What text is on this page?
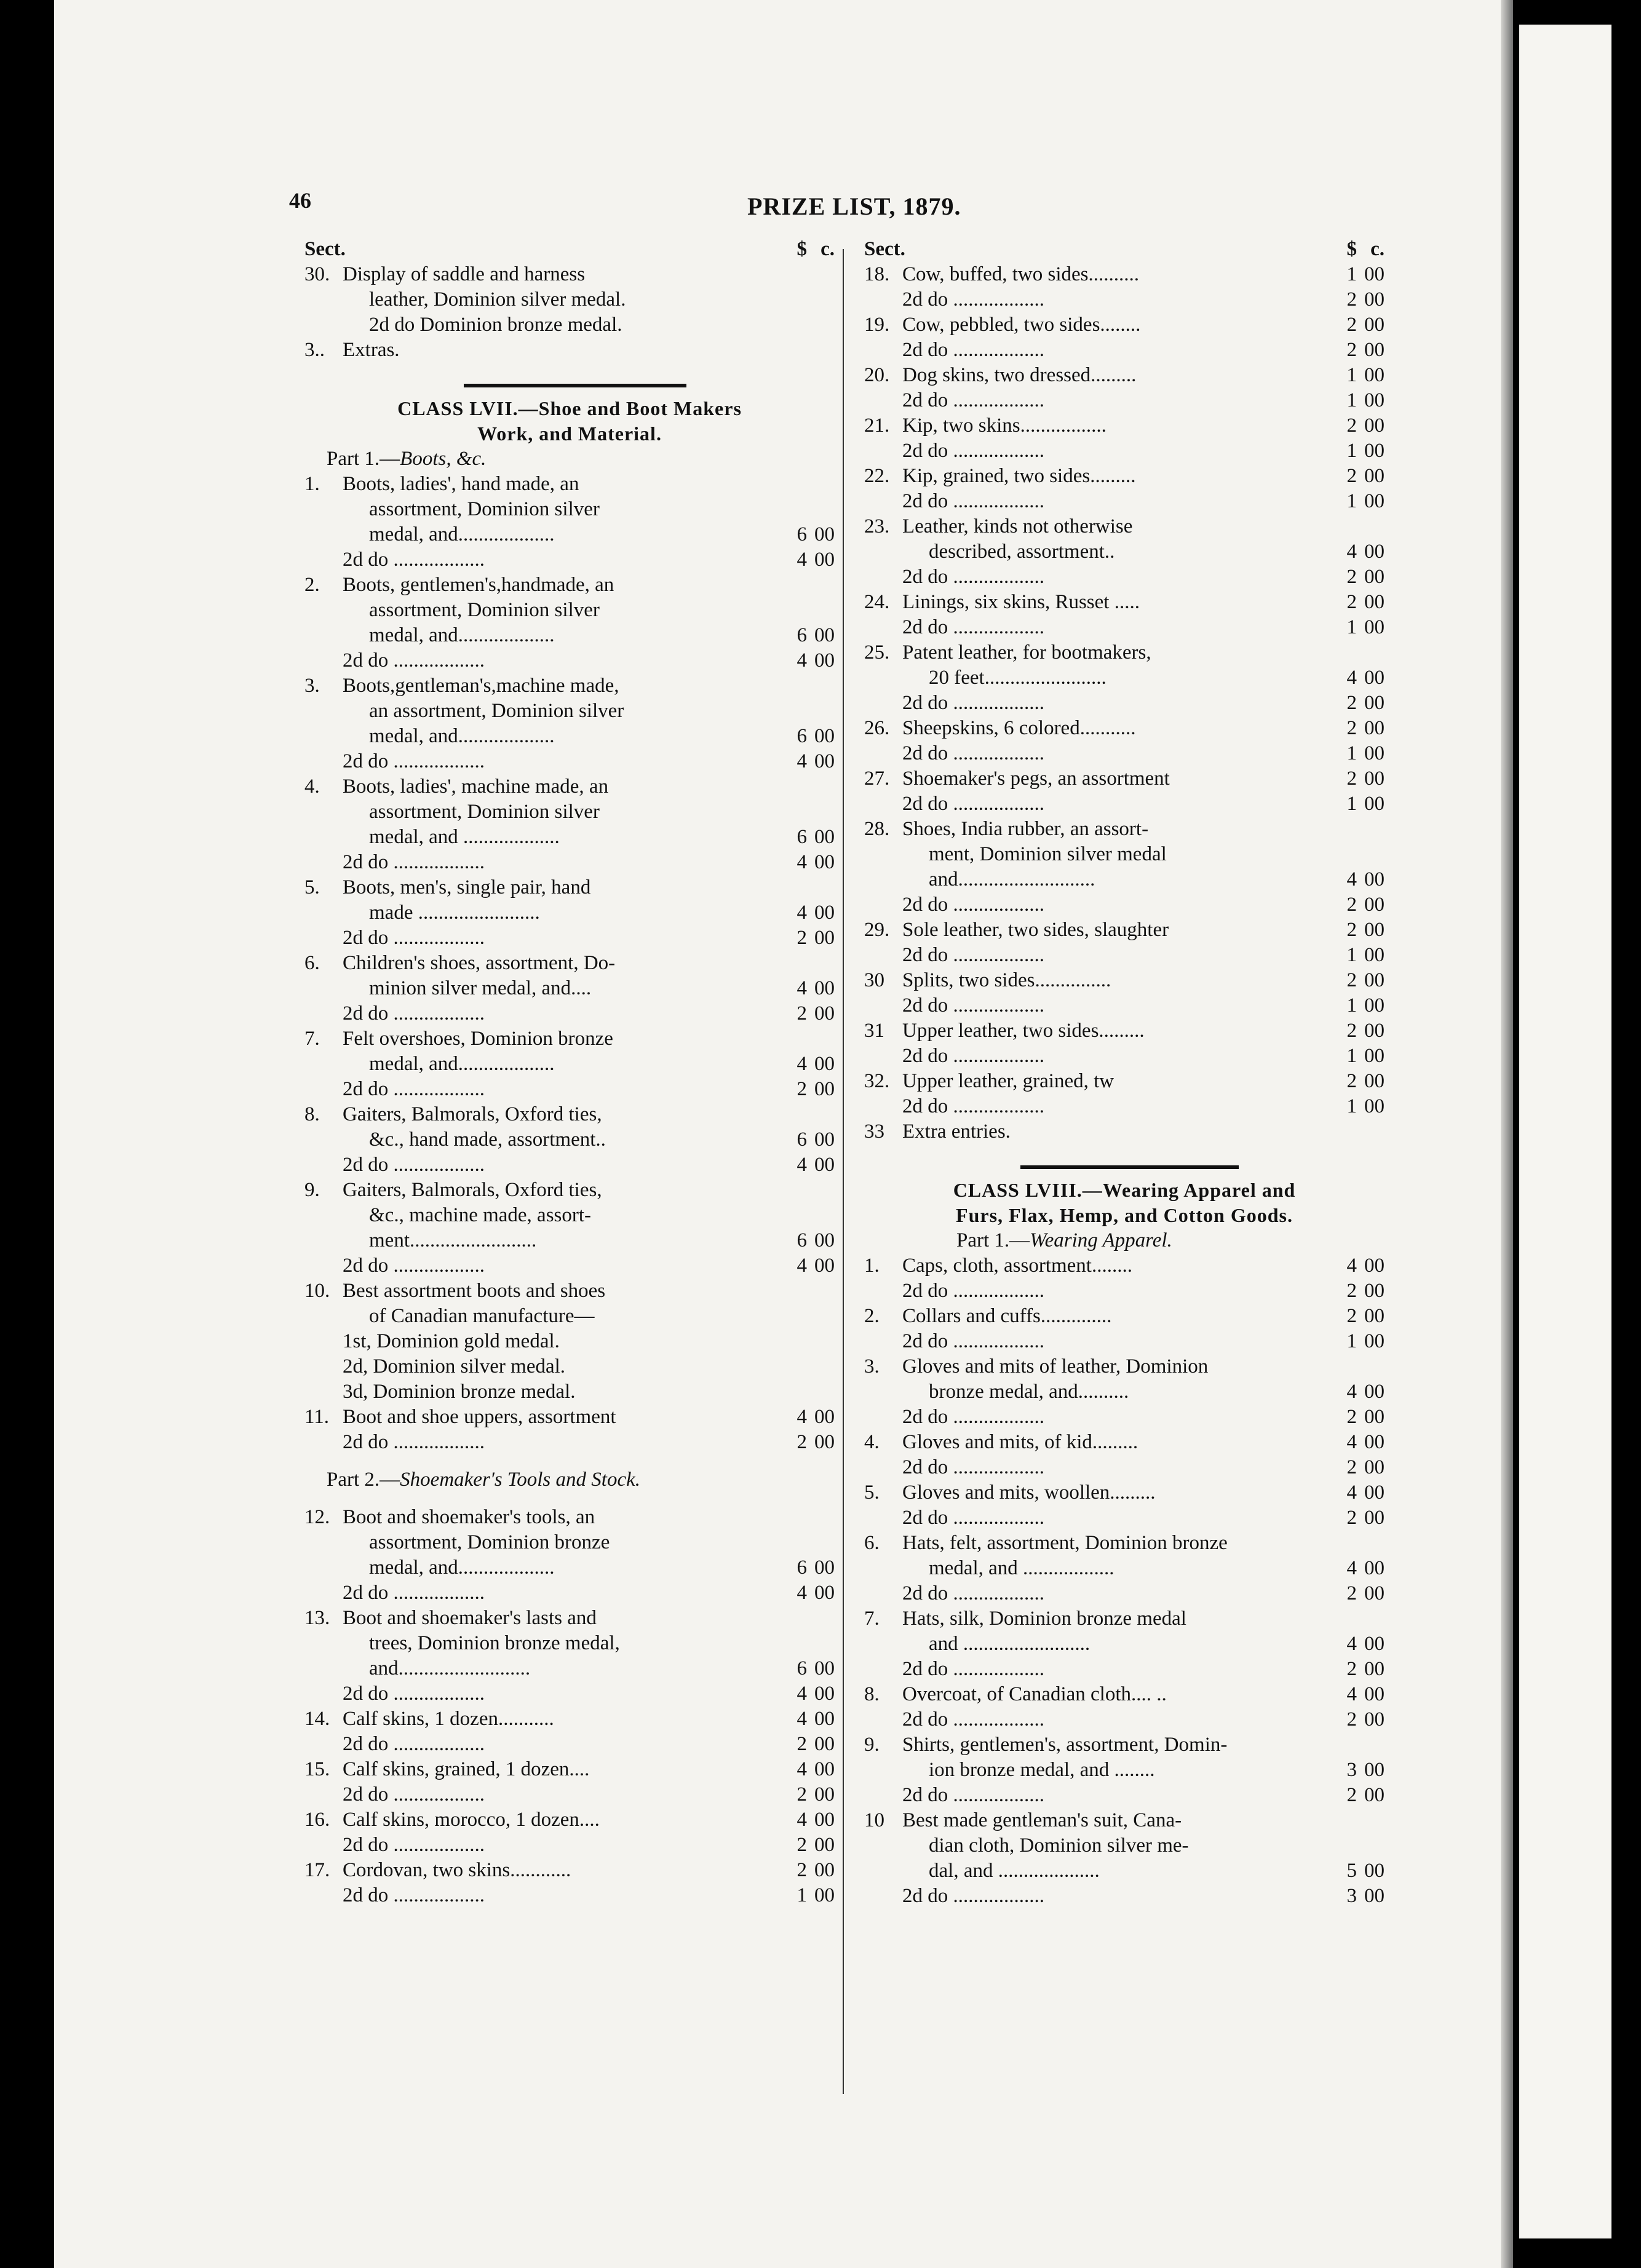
46	PRIZE LIST, 1879.
Sect.	$ c.
30. Display of saddle and harness
leather, Dominion silver medal.
2d do Dominion bronze medal.
3.. Extras.
CLASS LVII.—Shoe and Boot Makers
Work, and Material.
Part 1.—Boots, &c.
1. Boots, ladies', hand made, an
assortment, Dominion silver
medal, and...................	6 00
2d do ..................	4 00
2. Boots, gentlemen's,handmade, an
assortment, Dominion silver
medal, and...................	6 00
2d do ..................	4 00
3. Boots,gentleman's,machine made,
an assortment, Dominion silver
medal, and...................	6 00
2d do ..................	4 00
4. Boots, ladies', machine made, an
assortment, Dominion silver
medal, and ...................	6 00
2d do ..................	4 00
5. Boots, men's, single pair, hand
made ........................	4 00
2d do ..................	2 00
6. Children's shoes, assortment, Do-
minion silver medal, and....	4 00
2d do ..................	2 00
7. Felt overshoes, Dominion bronze
medal, and...................	4 00
2d do ..................	2 00
8. Gaiters, Balmorals, Oxford ties,
&c., hand made, assortment..	6 00
2d do ..................	4 00
9. Gaiters, Balmorals, Oxford ties,
&c., machine made, assort-
ment.........................	6 00
2d do ..................	4 00
10. Best assortment boots and shoes
of Canadian manufacture—
1st, Dominion gold medal.
2d, Dominion silver medal.
3d, Dominion bronze medal.
11. Boot and shoe uppers, assortment	4 00
2d do ..................	2 00
Part 2.—Shoemaker's Tools and Stock.
12. Boot and shoemaker's tools, an
assortment, Dominion bronze
medal, and...................	6 00
2d do ..................	4 00
13. Boot and shoemaker's lasts and
trees, Dominion bronze medal,
and..........................	6 00
2d do ..................	4 00
14. Calf skins, 1 dozen...........	4 00
2d do ..................	2 00
15. Calf skins, grained, 1 dozen....	4 00
2d do ..................	2 00
16. Calf skins, morocco, 1 dozen....	4 00
2d do ..................	2 00
17. Cordovan, two skins............	2 00
2d do ..................	1 00
Sect.	$ c.
18. Cow, buffed, two sides..........	1 00
2d do ..................	2 00
19. Cow, pebbled, two sides........	2 00
2d do ..................	2 00
20. Dog skins, two dressed.........	1 00
2d do ..................	1 00
21. Kip, two skins.................	2 00
2d do ..................	1 00
22. Kip, grained, two sides.........	2 00
2d do ..................	1 00
23. Leather, kinds not otherwise
described, assortment..	4 00
2d do ..................	2 00
24. Linings, six skins, Russet .....	2 00
2d do ..................	1 00
25. Patent leather, for bootmakers,
20 feet........................	4 00
2d do ..................	2 00
26. Sheepskins, 6 colored...........	2 00
2d do ..................	1 00
27. Shoemaker's pegs, an assortment	2 00
2d do ..................	1 00
28. Shoes, India rubber, an assort-
ment, Dominion silver medal
and...........................	4 00
2d do ..................	2 00
29. Sole leather, two sides, slaughter	2 00
2d do ..................	1 00
30 Splits, two sides...............	2 00
2d do ..................	1 00
31 Upper leather, two sides.........	2 00
2d do ..................	1 00
32. Upper leather, grained, tw	2 00
2d do ..................	1 00
33 Extra entries.
CLASS LVIII.—Wearing Apparel and
Furs, Flax, Hemp, and Cotton Goods.
Part 1.—Wearing Apparel.
1. Caps, cloth, assortment........	4 00
2d do ..................	2 00
2. Collars and cuffs..............	2 00
2d do ..................	1 00
3. Gloves and mits of leather, Dominion
bronze medal, and..........	4 00
2d do ..................	2 00
4. Gloves and mits, of kid.........	4 00
2d do ..................	2 00
5. Gloves and mits, woollen.........	4 00
2d do ..................	2 00
6. Hats, felt, assortment, Dominion bronze
medal, and ..................	4 00
2d do ..................	2 00
7. Hats, silk, Dominion bronze medal
and .........................	4 00
2d do ..................	2 00
8. Overcoat, of Canadian cloth.... ..	4 00
2d do ..................	2 00
9. Shirts, gentlemen's, assortment, Domin-
ion bronze medal, and ........	3 00
2d do ..................	2 00
10 Best made gentleman's suit, Cana-
dian cloth, Dominion silver me-
dal, and ....................	5 00
2d do ..................	3 00
